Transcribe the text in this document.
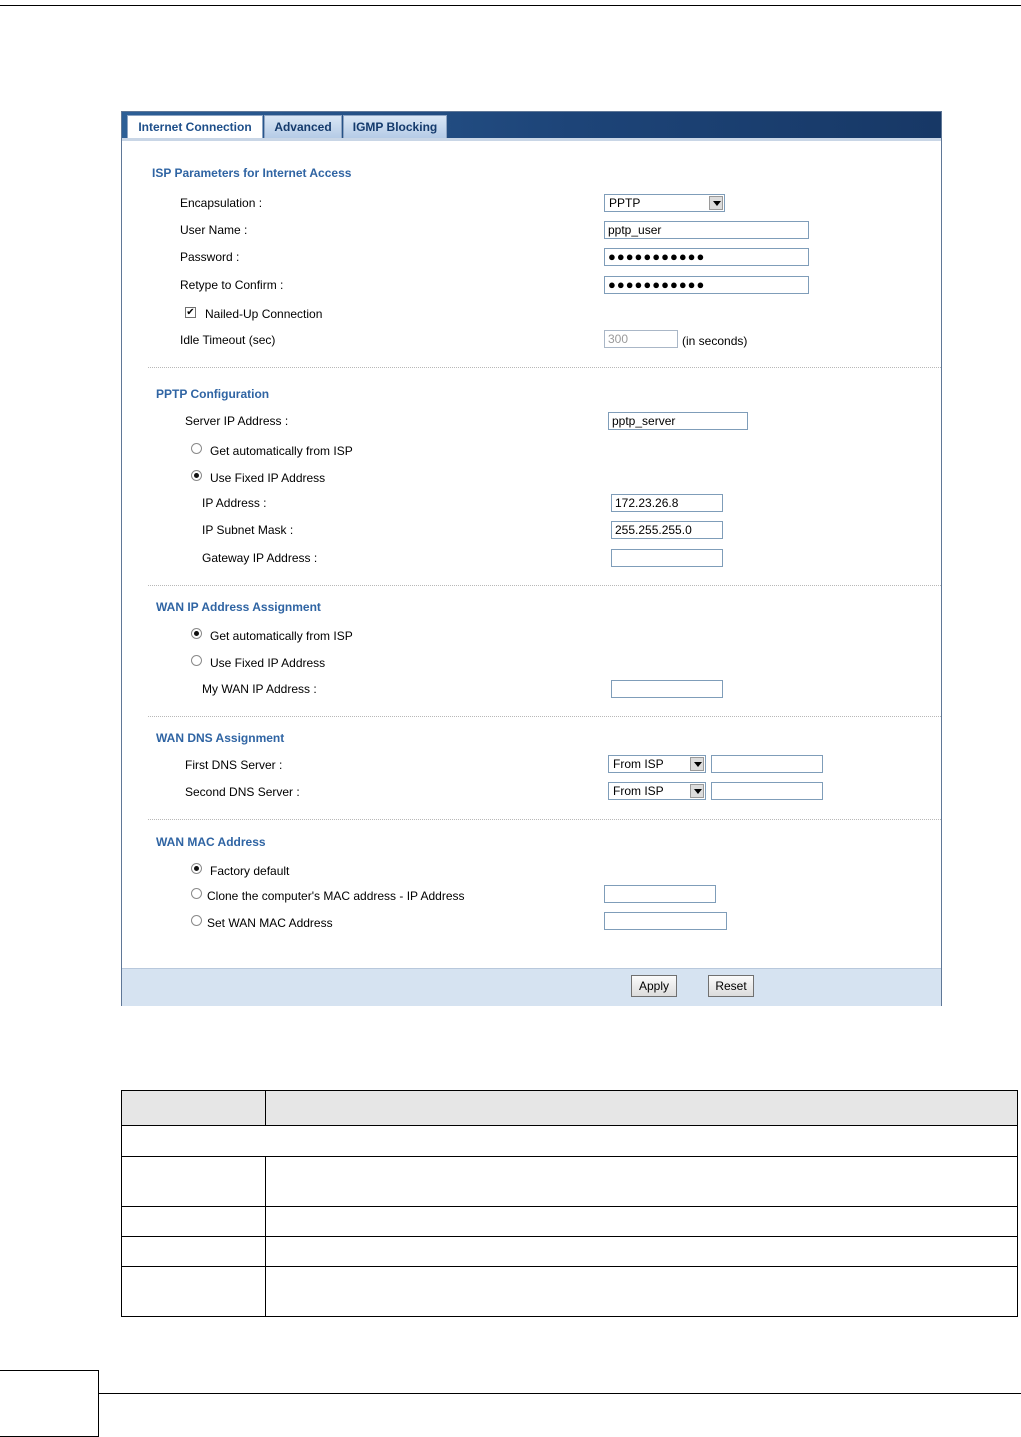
Internet Connection	Advanced	IGMP Blocking
ISP Parameters for Internet Access
Encapsulation :	PPTP
User Name :	pptp_user
Password :	●●●●●●●●●●●
Retype to Confirm :	●●●●●●●●●●●
✔ Nailed-Up Connection
Idle Timeout (sec)	300	(in seconds)
PPTP Configuration
Server IP Address :	pptp_server
Get automatically from ISP
Use Fixed IP Address
IP Address :	172.23.26.8
IP Subnet Mask :	255.255.255.0
Gateway IP Address :
WAN IP Address Assignment
Get automatically from ISP
Use Fixed IP Address
My WAN IP Address :
WAN DNS Assignment
First DNS Server :	From ISP
Second DNS Server :	From ISP
WAN MAC Address
Factory default
Clone the computer's MAC address - IP Address
Set WAN MAC Address
Apply	Reset
